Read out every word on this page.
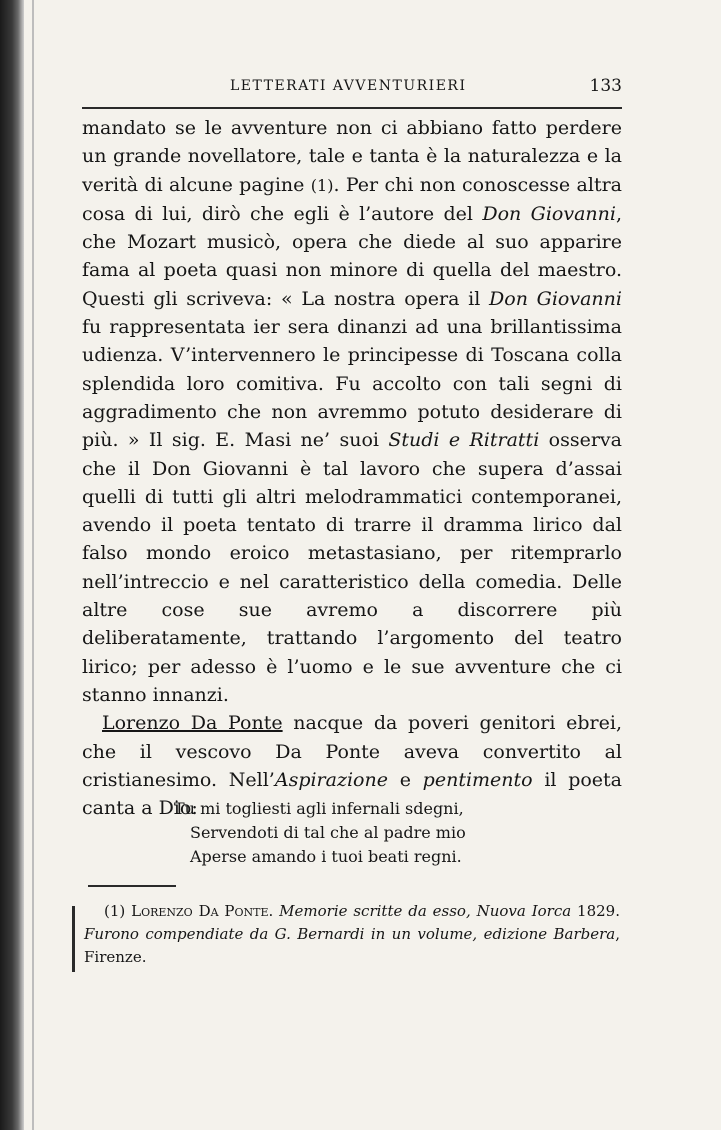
LETTERATI AVVENTURIERI	133

mandato se le avventure non ci abbiano fatto perdere un grande novellatore, tale e tanta è la naturalezza e la verità di alcune pagine (1). Per chi non conoscesse altra cosa di lui, dirò che egli è l’autore del Don Giovanni, che Mozart musicò, opera che diede al suo apparire fama al poeta quasi non minore di quella del maestro. Questi gli scriveva: « La nostra opera il Don Giovanni fu rappresentata ier sera dinanzi ad una brillantissima udienza. V’intervennero le principesse di Toscana colla splendida loro comitiva. Fu accolto con tali segni di aggradimento che non avremmo potuto desiderare di più. » Il sig. E. Masi ne’ suoi Studi e Ritratti osserva che il Don Giovanni è tal lavoro che supera d’assai quelli di tutti gli altri melodrammatici contemporanei, avendo il poeta tentato di trarre il dramma lirico dal falso mondo eroico metastasiano, per ritemprarlo nell’intreccio e nel caratteristico della comedia. Delle altre cose sue avremo a discorrere più deliberatamente, trattando l’argomento del teatro lirico; per adesso è l’uomo e le sue avventure che ci stanno innanzi.

Lorenzo Da Ponte nacque da poveri genitori ebrei, che il vescovo Da Ponte aveva convertito al cristianesimo. Nell’Aspirazione e pentimento il poeta canta a Dio:

Tu mi togliesti agli infernali sdegni,
Servendoti di tal che al padre mio
Aperse amando i tuoi beati regni.

(1) Lorenzo Da Ponte. Memorie scritte da esso, Nuova Iorca 1829. Furono compendiate da G. Bernardi in un volume, edizione Barbera, Firenze.
